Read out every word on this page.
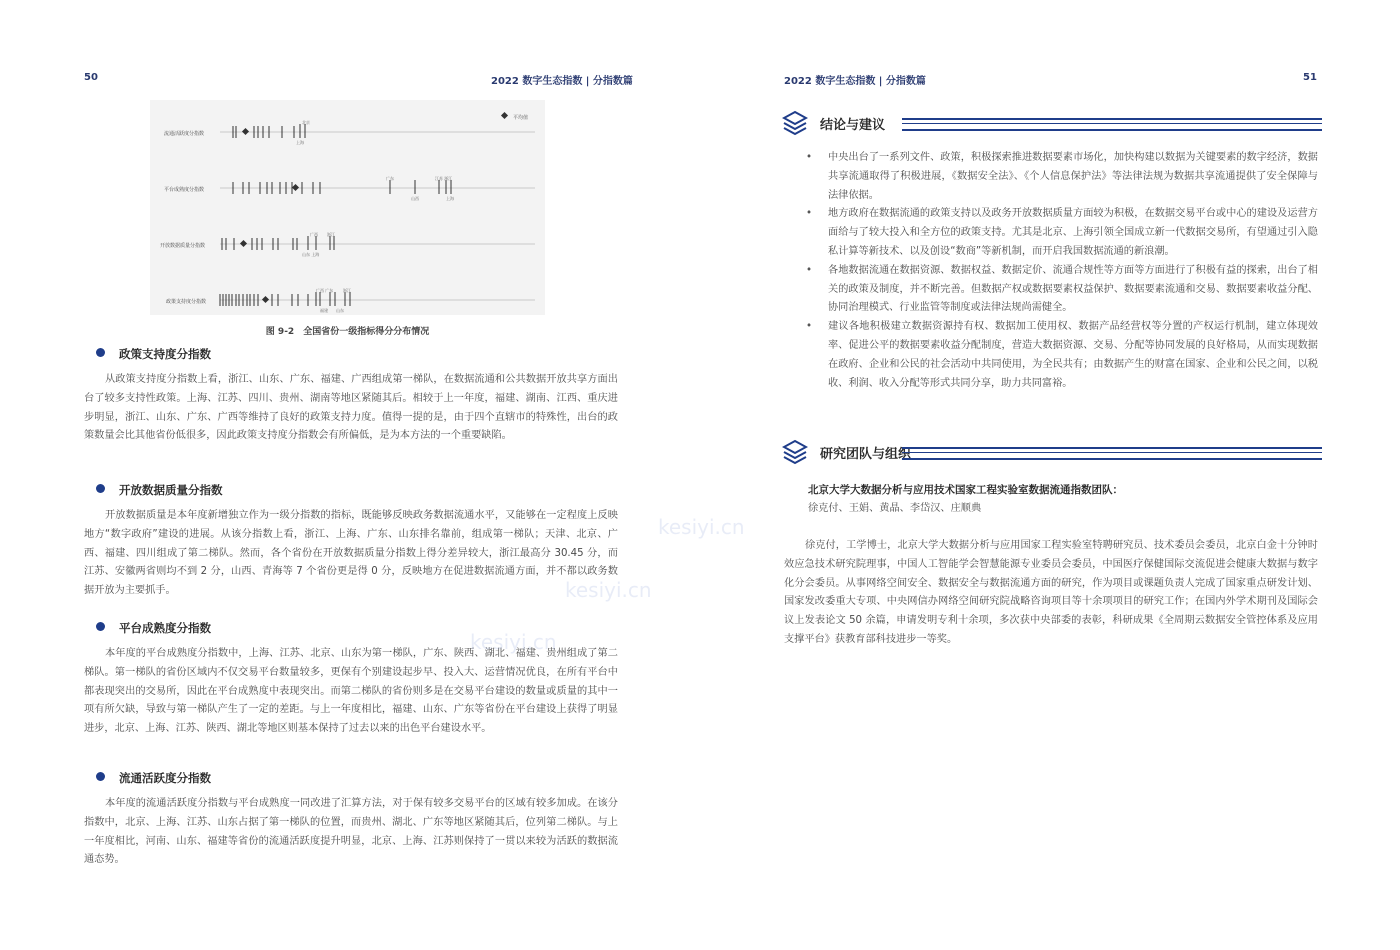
50	2022 数字生态指数 | 分指数篇
平均值
流通活跃度分指数
北京
上海
平台成熟度分指数
广东	江苏 浙江
山西	上海
开放数据质量分指数
广西 浙江
山东 上海
政策支持度分指数
广西 广东 浙江
福建 山东
图 9-2　全国省份一级指标得分分布情况
政策支持度分指数

从政策支持度分指数上看，浙江、山东、广东、福建、广西组成第一梯队，在数据流通和公共数据开放共享方面出台了较多支持性政策。上海、江苏、四川、贵州、湖南等地区紧随其后。相较于上一年度，福建、湖南、江西、重庆进步明显，浙江、山东、广东、广西等维持了良好的政策支持力度。值得一提的是，由于四个直辖市的特殊性，出台的政策数量会比其他省份低很多，因此政策支持度分指数会有所偏低，是为本方法的一个重要缺陷。

开放数据质量分指数

开放数据质量是本年度新增独立作为一级分指数的指标，既能够反映政务数据流通水平，又能够在一定程度上反映地方“数字政府”建设的进展。从该分指数上看，浙江、上海、广东、山东排名靠前，组成第一梯队；天津、北京、广西、福建、四川组成了第二梯队。然而，各个省份在开放数据质量分指数上得分差异较大，浙江最高分 30.45 分，而江苏、安徽两省则均不到 2 分，山西、青海等 7 个省份更是得 0 分，反映地方在促进数据流通方面，并不都以政务数据开放为主要抓手。

平台成熟度分指数

本年度的平台成熟度分指数中，上海、江苏、北京、山东为第一梯队，广东、陕西、湖北、福建、贵州组成了第二梯队。第一梯队的省份区域内不仅交易平台数量较多，更保有个别建设起步早、投入大、运营情况优良，在所有平台中都表现突出的交易所，因此在平台成熟度中表现突出。而第二梯队的省份则多是在交易平台建设的数量或质量的其中一项有所欠缺，导致与第一梯队产生了一定的差距。与上一年度相比，福建、山东、广东等省份在平台建设上获得了明显进步，北京、上海、江苏、陕西、湖北等地区则基本保持了过去以来的出色平台建设水平。

流通活跃度分指数

本年度的流通活跃度分指数与平台成熟度一同改进了汇算方法，对于保有较多交易平台的区域有较多加成。在该分指数中，北京、上海、江苏、山东占据了第一梯队的位置，而贵州、湖北、广东等地区紧随其后，位列第二梯队。与上一年度相比，河南、山东、福建等省份的流通活跃度提升明显，北京、上海、江苏则保持了一贯以来较为活跃的数据流通态势。

2022 数字生态指数 | 分指数篇	51
结论与建议
• 中央出台了一系列文件、政策，积极探索推进数据要素市场化，加快构建以数据为关键要素的数字经济，数据共享流通取得了积极进展，《数据安全法》、《个人信息保护法》等法律法规为数据共享流通提供了安全保障与法律依据。
• 地方政府在数据流通的政策支持以及政务开放数据质量方面较为积极，在数据交易平台或中心的建设及运营方面给与了较大投入和全方位的政策支持。尤其是北京、上海引领全国成立新一代数据交易所，有望通过引入隐私计算等新技术、以及创设“数商”等新机制，而开启我国数据流通的新浪潮。
• 各地数据流通在数据资源、数据权益、数据定价、流通合规性等方面等方面进行了积极有益的探索，出台了相关的政策及制度，并不断完善。但数据产权或数据要素权益保护、数据要素流通和交易、数据要素收益分配、协同治理模式、行业监管等制度或法律法规尚需健全。
• 建议各地积极建立数据资源持有权、数据加工使用权、数据产品经营权等分置的产权运行机制，建立体现效率、促进公平的数据要素收益分配制度，营造大数据资源、交易、分配等协同发展的良好格局，从而实现数据在政府、企业和公民的社会活动中共同使用，为全民共有；由数据产生的财富在国家、企业和公民之间，以税收、利润、收入分配等形式共同分享，助力共同富裕。
研究团队与组织
北京大学大数据分析与应用技术国家工程实验室数据流通指数团队：
徐克付、王娟、黄晶、李岱汉、庄顺典

徐克付，工学博士，北京大学大数据分析与应用国家工程实验室特聘研究员、技术委员会委员，北京白金十分钟时效应急技术研究院理事，中国人工智能学会智慧能源专业委员会委员，中国医疗保健国际交流促进会健康大数据与数字化分会委员。从事网络空间安全、数据安全与数据流通方面的研究，作为项目或课题负责人完成了国家重点研发计划、国家发改委重大专项、中央网信办网络空间研究院战略咨询项目等十余项项目的研究工作；在国内外学术期刊及国际会议上发表论文 50 余篇，申请发明专利十余项，多次获中央部委的表彰，科研成果《全周期云数据安全管控体系及应用支撑平台》获教育部科技进步一等奖。

kesiyi.cn
kesiyi.cn
kesiyi.cn
